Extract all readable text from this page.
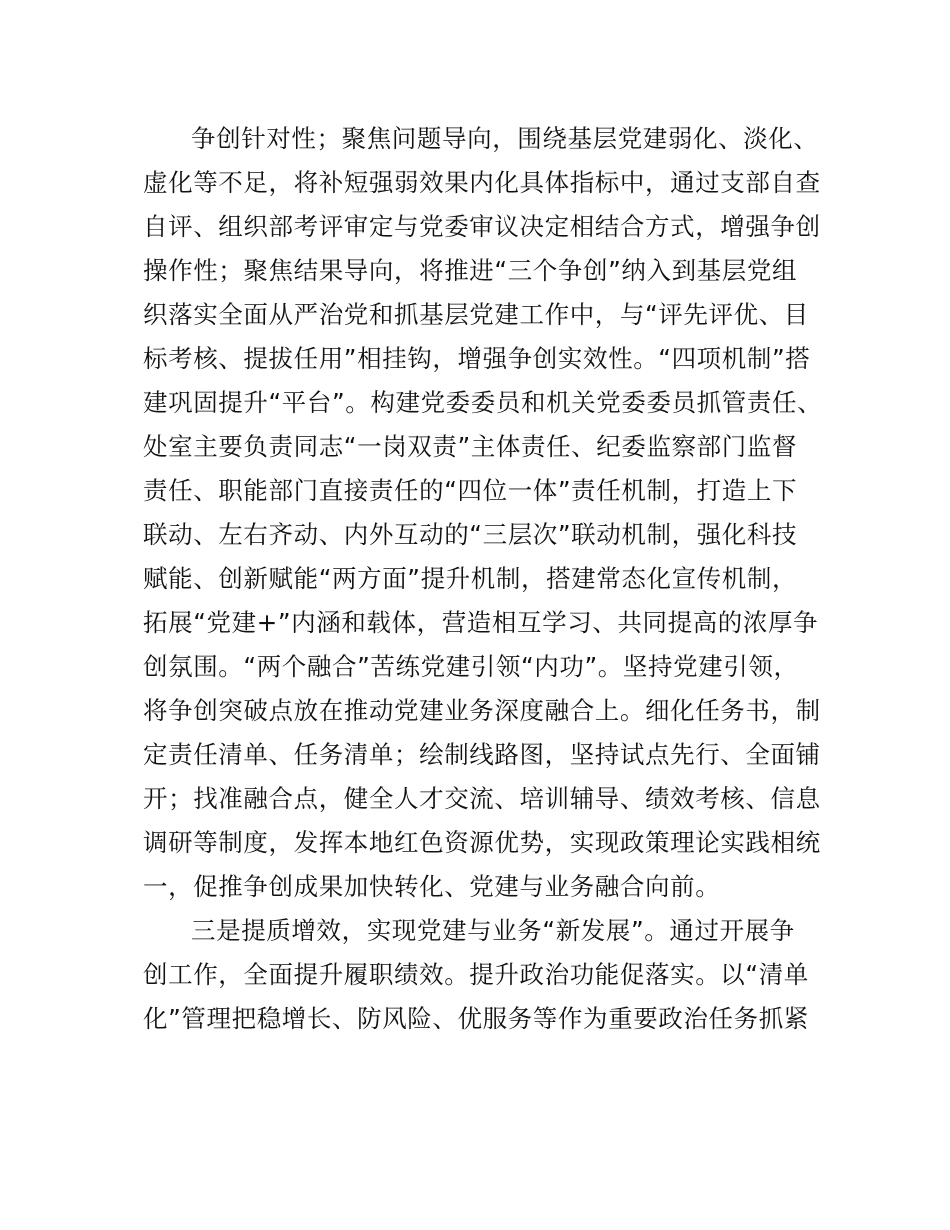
争创针对性；聚焦问题导向，围绕基层党建弱化、淡化、
虚化等不足，将补短强弱效果内化具体指标中，通过支部自查
自评、组织部考评审定与党委审议决定相结合方式，增强争创
操作性；聚焦结果导向，将推进“三个争创”纳入到基层党组
织落实全面从严治党和抓基层党建工作中，与“评先评优、目
标考核、提拔任用”相挂钩，增强争创实效性。“四项机制”搭
建巩固提升“平台”。构建党委委员和机关党委委员抓管责任、
处室主要负责同志“一岗双责”主体责任、纪委监察部门监督
责任、职能部门直接责任的“四位一体”责任机制，打造上下
联动、左右齐动、内外互动的“三层次”联动机制，强化科技
赋能、创新赋能“两方面”提升机制，搭建常态化宣传机制，
拓展“党建+”内涵和载体，营造相互学习、共同提高的浓厚争
创氛围。“两个融合”苦练党建引领“内功”。坚持党建引领，
将争创突破点放在推动党建业务深度融合上。细化任务书，制
定责任清单、任务清单；绘制线路图，坚持试点先行、全面铺
开；找准融合点，健全人才交流、培训辅导、绩效考核、信息
调研等制度，发挥本地红色资源优势，实现政策理论实践相统
一，促推争创成果加快转化、党建与业务融合向前。
三是提质增效，实现党建与业务“新发展”。通过开展争
创工作，全面提升履职绩效。提升政治功能促落实。以“清单
化”管理把稳增长、防风险、优服务等作为重要政治任务抓紧
